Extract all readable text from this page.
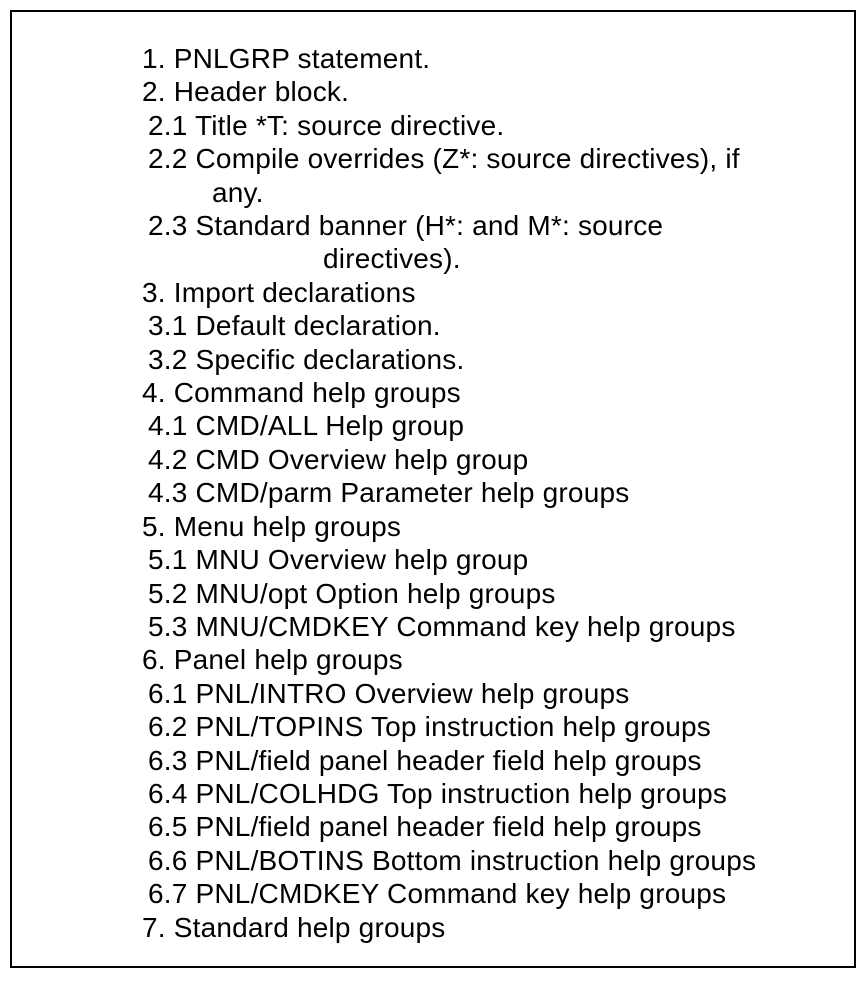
1. PNLGRP statement.
2. Header block.
2.1 Title *T: source directive.
2.2 Compile overrides (Z*: source directives), if
any.
2.3 Standard banner (H*: and M*: source
directives).
3. Import declarations
3.1 Default declaration.
3.2 Specific declarations.
4. Command help groups
4.1 CMD/ALL Help group
4.2 CMD Overview help group
4.3 CMD/parm Parameter help groups
5. Menu help groups
5.1 MNU Overview help group
5.2 MNU/opt Option help groups
5.3 MNU/CMDKEY Command key help groups
6. Panel help groups
6.1 PNL/INTRO Overview help groups
6.2 PNL/TOPINS Top instruction help groups
6.3 PNL/field panel header field help groups
6.4 PNL/COLHDG Top instruction help groups
6.5 PNL/field panel header field help groups
6.6 PNL/BOTINS Bottom instruction help groups
6.7 PNL/CMDKEY Command key help groups
7. Standard help groups
